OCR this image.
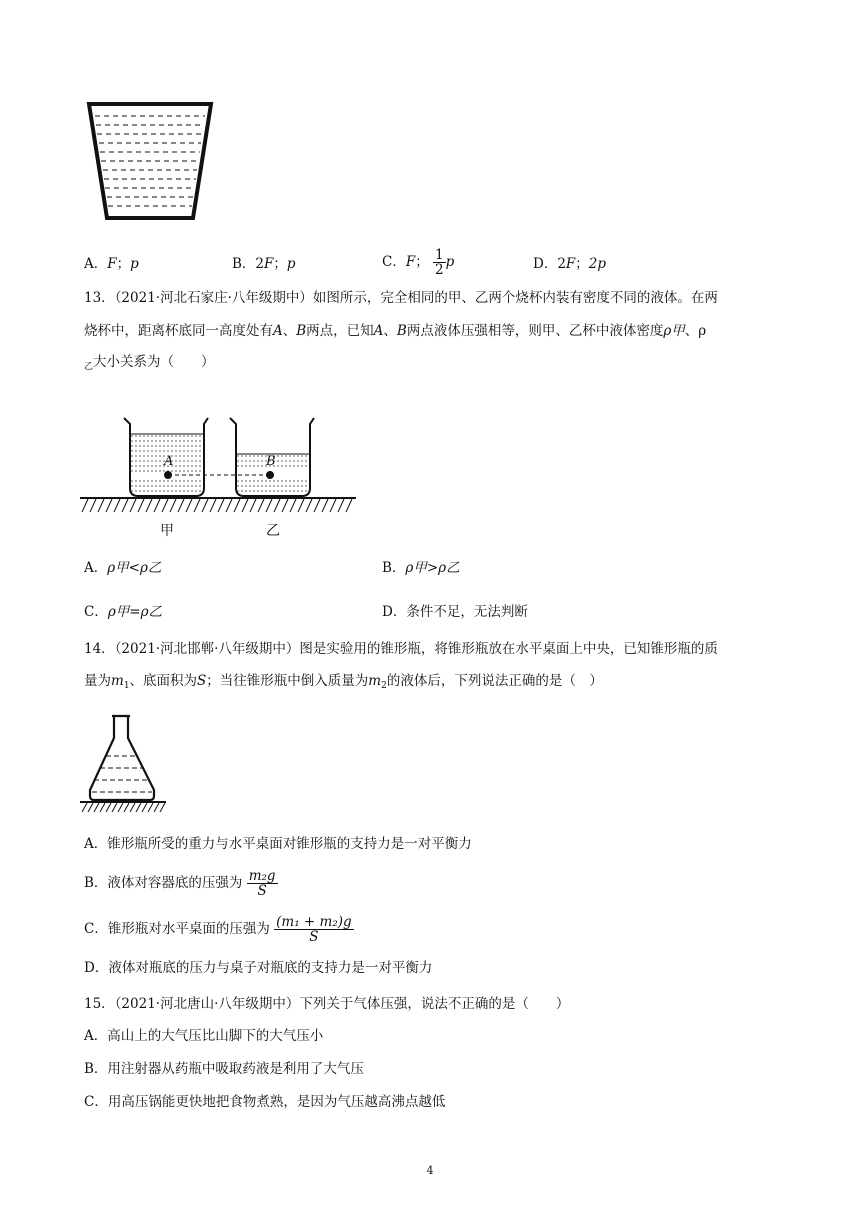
A．F；p	B．2F；p	C．F； $\frac{1}{2}$ p	D．2F；2p
13．（2021·河北石家庄·八年级期中）如图所示，完全相同的甲、乙两个烧杯内装有密度不同的液体。在两
烧杯中，距离杯底同一高度处有A、B两点，已知A、B两点液体压强相等，则甲、乙杯中液体密度ρ甲、ρ
$_乙$大小关系为（　　）
A	B
甲	乙
A．ρ甲<ρ乙	B．ρ甲>ρ乙
C．ρ甲=ρ乙	D．条件不足，无法判断
14．（2021·河北邯郸·八年级期中）图是实验用的锥形瓶，将锥形瓶放在水平桌面上中央，已知锥形瓶的质
量为$m_1$、底面积为S；当往锥形瓶中倒入质量为$m_2$的液体后，下列说法正确的是（　）
A．锥形瓶所受的重力与水平桌面对锥形瓶的支持力是一对平衡力
B．液体对容器底的压强为 $\frac{\text{m₂g}}{S}$
C．锥形瓶对水平桌面的压强为 $\frac{\text{(m₁ + m₂)g}}{S}$
D．液体对瓶底的压力与桌子对瓶底的支持力是一对平衡力
15．（2021·河北唐山·八年级期中）下列关于气体压强，说法不正确的是（　　）
A．高山上的大气压比山脚下的大气压小
B．用注射器从药瓶中吸取药液是利用了大气压
C．用高压锅能更快地把食物煮熟，是因为气压越高沸点越低
4
